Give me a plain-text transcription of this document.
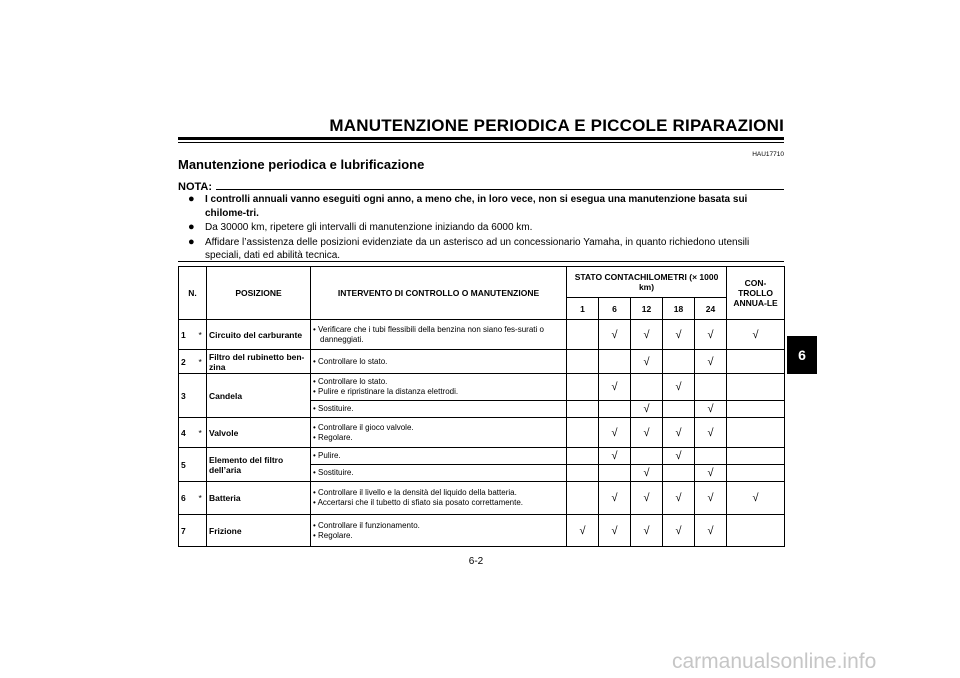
MANUTENZIONE PERIODICA E PICCOLE RIPARAZIONI
HAU17710
Manutenzione periodica e lubrificazione
NOTA:
●	I controlli annuali vanno eseguiti ogni anno, a meno che, in loro vece, non si esegua una manutenzione basata sui chilome-tri.
●	Da 30000 km, ripetere gli intervalli di manutenzione iniziando da 6000 km.
●	Affidare l’assistenza delle posizioni evidenziate da un asterisco ad un concessionario Yamaha, in quanto richiedono utensili speciali, dati ed abilità tecnica.
N.		POSIZIONE	INTERVENTO DI CONTROLLO O MANUTENZIONE	STATO CONTACHILOMETRI (× 1000 km)					CON-TROLLO ANNUA-LE
				1	6	12	18	24	
1	*	Circuito del carburante	• Verificare che i tubi flessibili della benzina non siano fes-surati o danneggiati.		√	√	√	√	√
2	*	Filtro del rubinetto ben-zina	• Controllare lo stato.			√		√	
3		Candela	• Controllare lo stato.
• Pulire e ripristinare la distanza elettrodi.		√		√		

			• Sostituire.			√		√	
4	*	Valvole	• Controllare il gioco valvole.
• Regolare.		√	√	√	√	
5		Elemento del filtro dell’aria	• Pulire.		√		√		

			• Sostituire.			√		√	
6	*	Batteria	• Controllare il livello e la densità del liquido della batteria.
• Accertarsi che il tubetto di sfiato sia posato correttamente.		√	√	√	√	√
7		Frizione	• Controllare il funzionamento.
• Regolare.	√	√	√	√	√	
6
6-2
carmanualsonline.info
